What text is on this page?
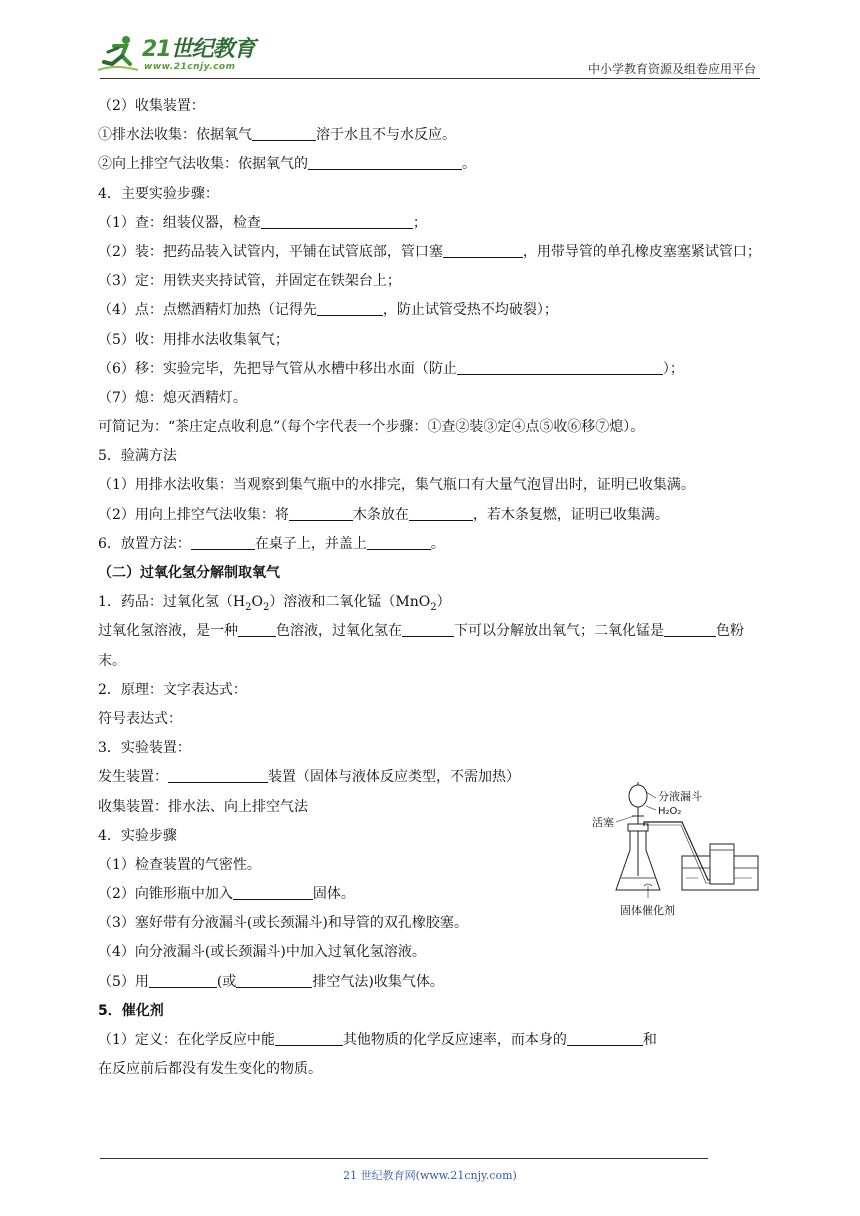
21世纪教育
www.21cnjy.com	中小学教育资源及组卷应用平台
（2）收集装置：
①排水法收集：依据氧气	溶于水且不与水反应。
②向上排空气法收集：依据氧气的	。
4．主要实验步骤：
（1）查：组装仪器，检查	；
（2）装：把药品装入试管内，平铺在试管底部，管口塞	，用带导管的单孔橡皮塞塞紧试管口；
（3）定：用铁夹夹持试管，并固定在铁架台上；
（4）点：点燃酒精灯加热（记得先	，防止试管受热不均破裂）；
（5）收：用排水法收集氧气；
（6）移：实验完毕，先把导气管从水槽中移出水面（防止	）；
（7）熄：熄灭酒精灯。
可简记为：“茶庄定点收利息”（每个字代表一个步骤：①查②装③定④点⑤收⑥移⑦熄）。
5．验满方法
（1）用排水法收集：当观察到集气瓶中的水排完，集气瓶口有大量气泡冒出时，证明已收集满。
（2）用向上排空气法收集：将	木条放在	，若木条复燃，证明已收集满。
6．放置方法：	在桌子上，并盖上	。
（二）过氧化氢分解制取氧气
1．药品：过氧化氢$(H_2O_2)$溶液和二氧化锰（MnO$_2$）
过氧化氢溶液，是一种	色溶液，过氧化氢在	下可以分解放出氧气；二氧化锰是	色粉末。
2．原理：文字表达式：
符号表达式：
3．实验装置：
发生装置：	装置（固体与液体反应类型，不需加热）
收集装置：排水法、向上排空气法
4．实验步骤
（1）检查装置的气密性。
（2）向锥形瓶中加入	固体。
（3）塞好带有分液漏斗(或长颈漏斗)和导管的双孔橡胶塞。
（4）向分液漏斗(或长颈漏斗)中加入过氧化氢溶液。
（5）用	(或	排空气法)收集气体。
5．催化剂
（1）定义：在化学反应中能	其他物质的化学反应速率，而本身的	和
在反应前后都没有发生变化的物质。
分液漏斗
H₂O₂
活塞
固体催化剂
21 世纪教育网(www.21cnjy.com)
